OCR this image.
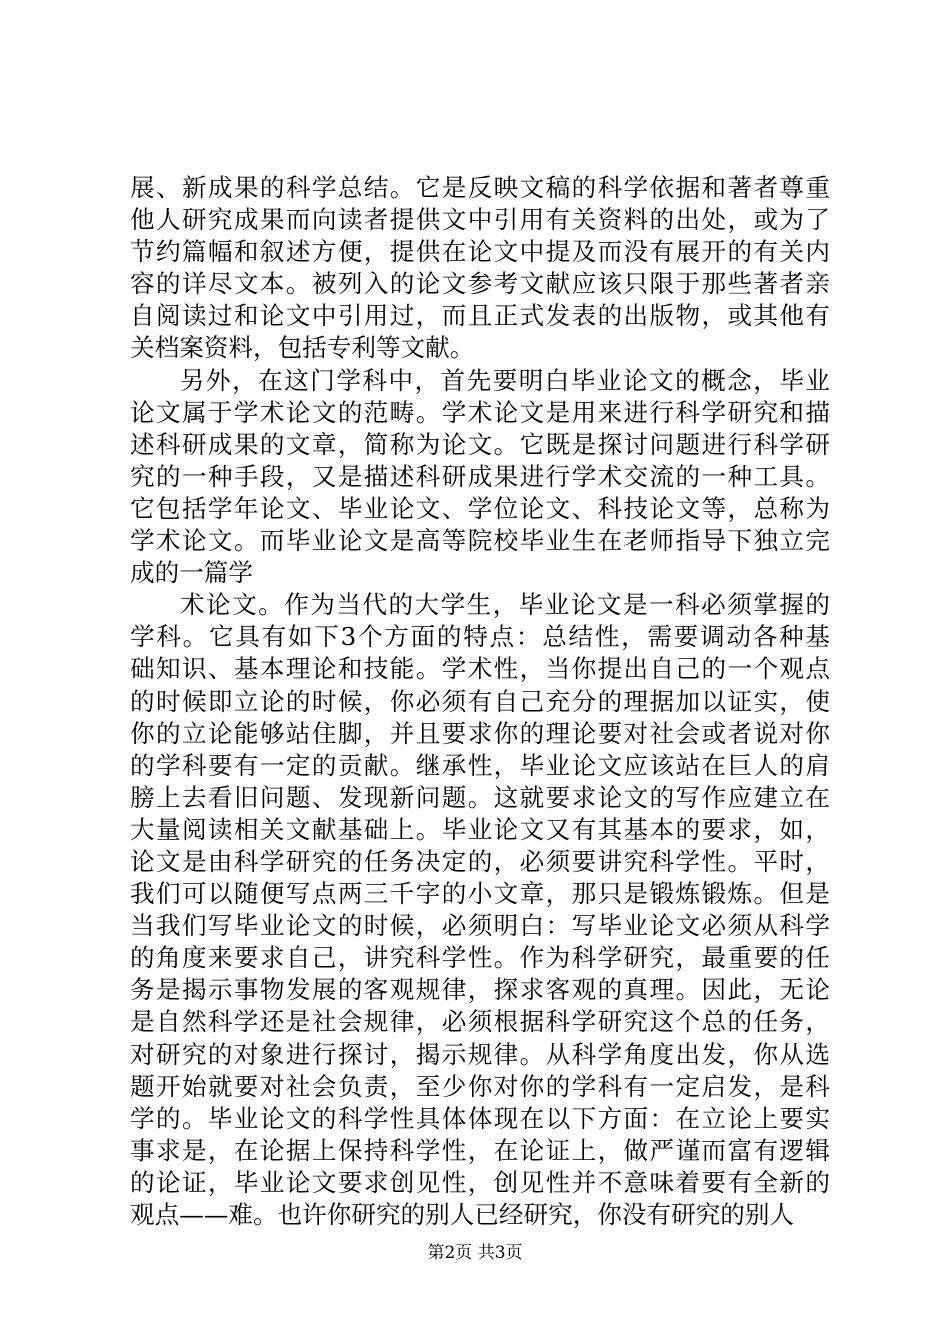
展、新成果的科学总结。它是反映文稿的科学依据和著者尊重
他人研究成果而向读者提供文中引用有关资料的出处，或为了
节约篇幅和叙述方便，提供在论文中提及而没有展开的有关内
容的详尽文本。被列入的论文参考文献应该只限于那些著者亲
自阅读过和论文中引用过，而且正式发表的出版物，或其他有
关档案资料，包括专利等文献。
另外，在这门学科中，首先要明白毕业论文的概念，毕业
论文属于学术论文的范畴。学术论文是用来进行科学研究和描
述科研成果的文章，简称为论文。它既是探讨问题进行科学研
究的一种手段，又是描述科研成果进行学术交流的一种工具。
它包括学年论文、毕业论文、学位论文、科技论文等，总称为
学术论文。而毕业论文是高等院校毕业生在老师指导下独立完
成的一篇学
术论文。作为当代的大学生，毕业论文是一科必须掌握的
学科。它具有如下3个方面的特点：总结性，需要调动各种基
础知识、基本理论和技能。学术性，当你提出自己的一个观点
的时候即立论的时候，你必须有自己充分的理据加以证实，使
你的立论能够站住脚，并且要求你的理论要对社会或者说对你
的学科要有一定的贡献。继承性，毕业论文应该站在巨人的肩
膀上去看旧问题、发现新问题。这就要求论文的写作应建立在
大量阅读相关文献基础上。毕业论文又有其基本的要求，如，
论文是由科学研究的任务决定的，必须要讲究科学性。平时，
我们可以随便写点两三千字的小文章，那只是锻炼锻炼。但是
当我们写毕业论文的时候，必须明白：写毕业论文必须从科学
的角度来要求自己，讲究科学性。作为科学研究，最重要的任
务是揭示事物发展的客观规律，探求客观的真理。因此，无论
是自然科学还是社会规律，必须根据科学研究这个总的任务，
对研究的对象进行探讨，揭示规律。从科学角度出发，你从选
题开始就要对社会负责，至少你对你的学科有一定启发，是科
学的。毕业论文的科学性具体体现在以下方面：在立论上要实
事求是，在论据上保持科学性，在论证上，做严谨而富有逻辑
的论证，毕业论文要求创见性，创见性并不意味着要有全新的
观点——难。也许你研究的别人已经研究，你没有研究的别人
第2页 共3页
